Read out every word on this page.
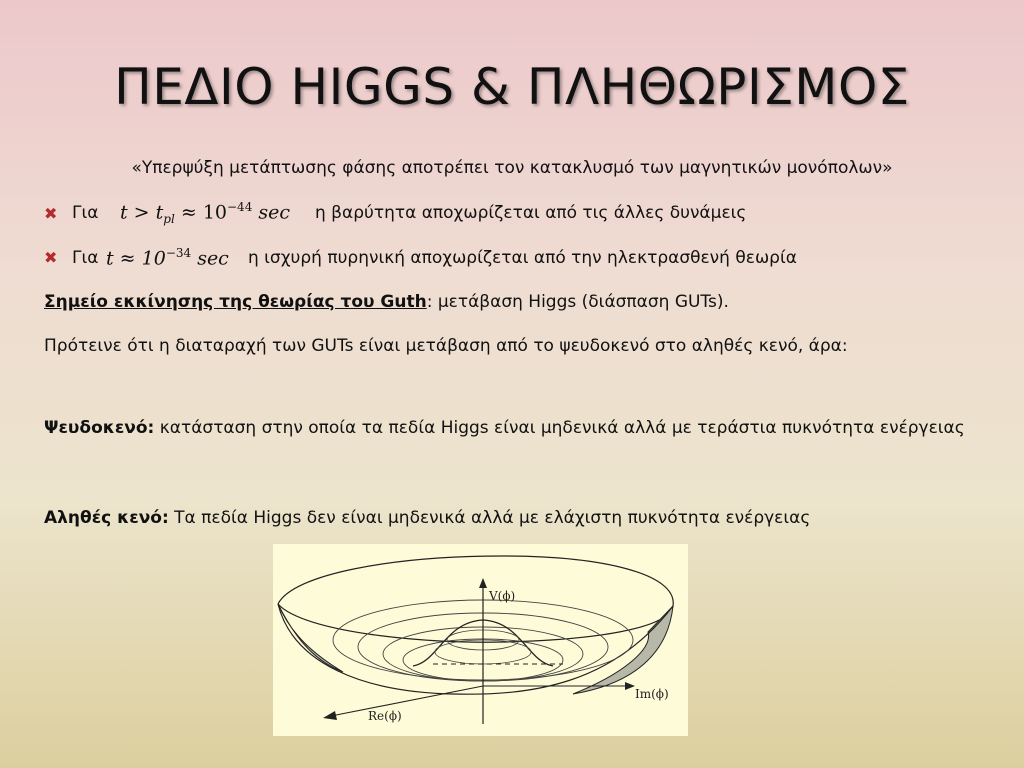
ΠΕΔΙΟ HIGGS & ΠΛΗΘΩΡΙΣΜΟΣ
«Υπερψύξη μετάπτωσης φάσης αποτρέπει τον κατακλυσμό των μαγνητικών μονόπολων»
✖ Για	$t > t_{pl} \approx 10^{-44}$ sec	η βαρύτητα αποχωρίζεται από τις άλλες δυνάμεις
✖ Για $t \approx 10^{-34}$ sec	η ισχυρή πυρηνική αποχωρίζεται από την ηλεκτρασθενή θεωρία
Σημείο εκκίνησης της θεωρίας του Guth: μετάβαση Higgs (διάσπαση GUTs).
Πρότεινε ότι η διαταραχή των GUTs είναι μετάβαση από το ψευδοκενό στο αληθές κενό, άρα:
Ψευδοκενό: κατάσταση στην οποία τα πεδία Higgs είναι μηδενικά αλλά με τεράστια πυκνότητα ενέργειας
Αληθές κενό: Τα πεδία Higgs δεν είναι μηδενικά αλλά με ελάχιστη πυκνότητα ενέργειας
V(ϕ)
Im(ϕ)
Re(ϕ)
